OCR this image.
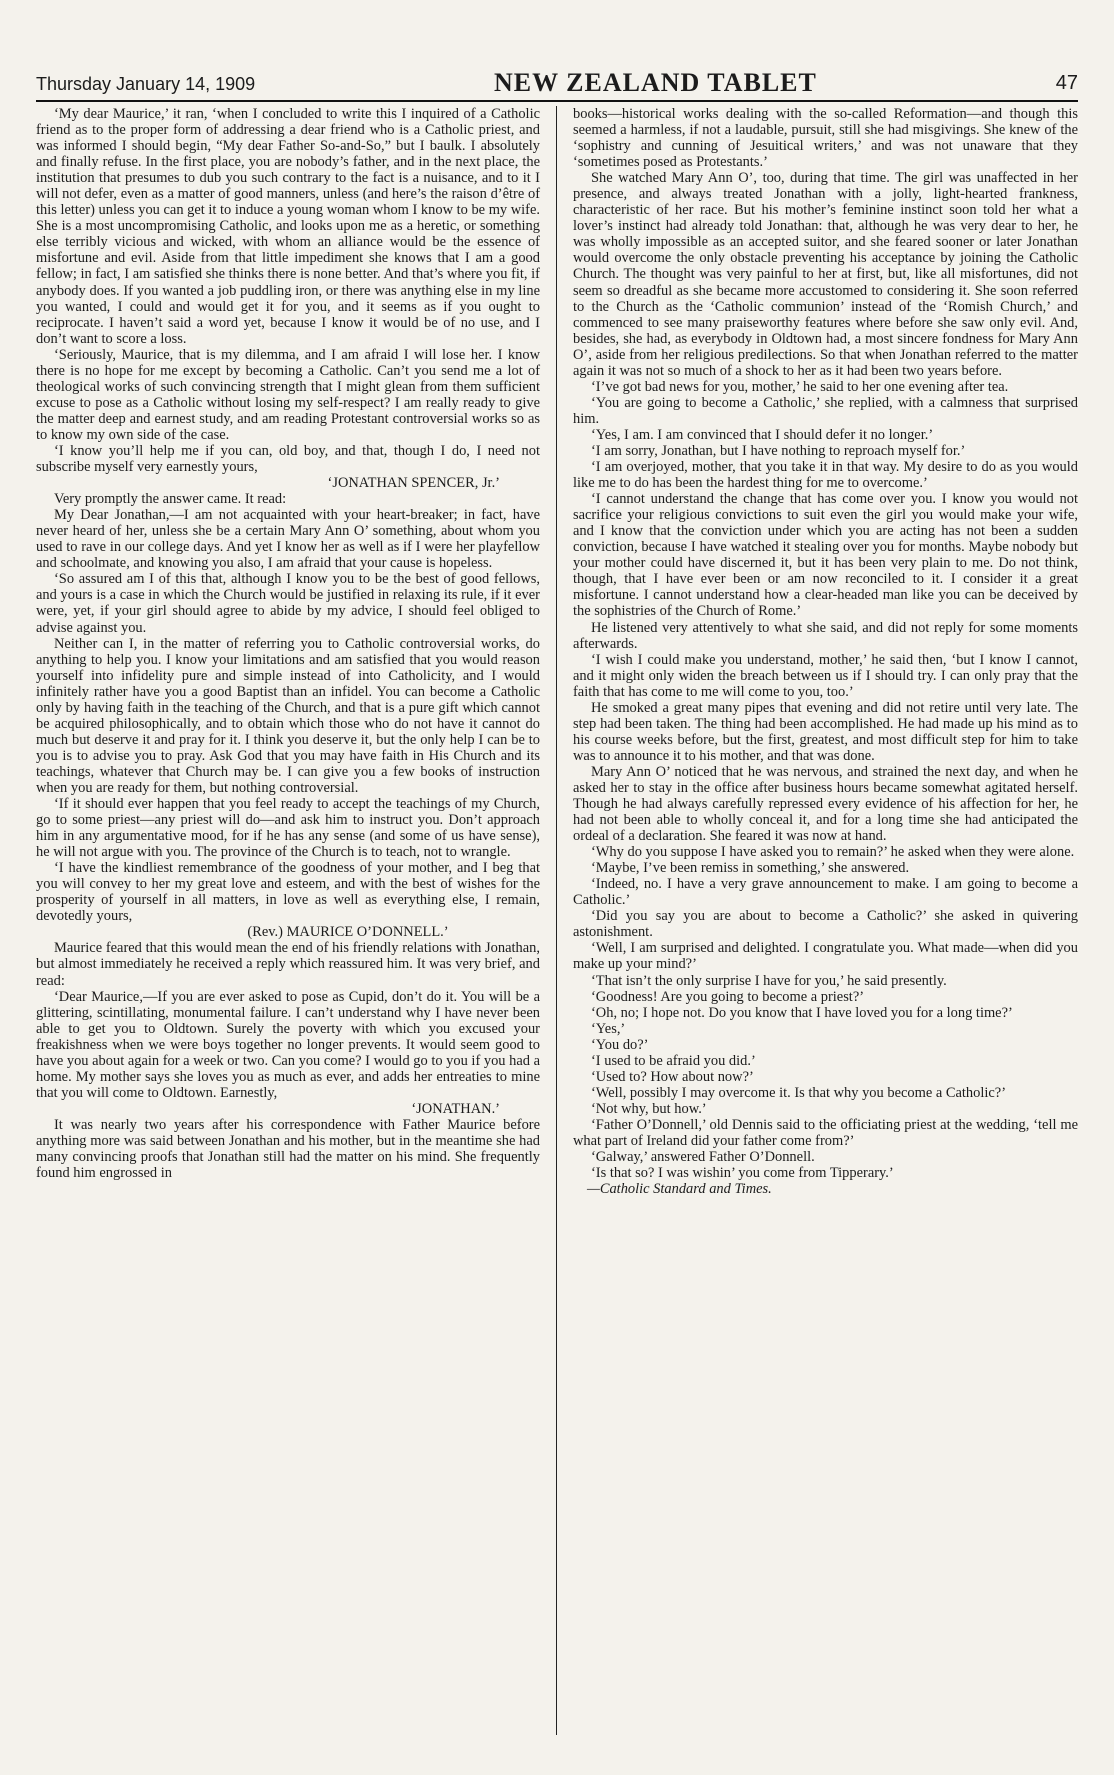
Thursday January 14, 1909	NEW ZEALAND TABLET	47

‘My dear Maurice,’ it ran, ‘when I concluded to write this I inquired of a Catholic friend as to the proper form of addressing a dear friend who is a Catholic priest, and was informed I should begin, “My dear Father So-and-So,” but I baulk. I absolutely and finally refuse. In the first place, you are nobody’s father, and in the next place, the institution that presumes to dub you such contrary to the fact is a nuisance, and to it I will not defer, even as a matter of good manners, unless (and here’s the raison d’être of this letter) unless you can get it to induce a young woman whom I know to be my wife. She is a most uncompromising Catholic, and looks upon me as a heretic, or something else terribly vicious and wicked, with whom an alliance would be the essence of misfortune and evil. Aside from that little impediment she knows that I am a good fellow; in fact, I am satisfied she thinks there is none better. And that’s where you fit, if anybody does. If you wanted a job puddling iron, or there was anything else in my line you wanted, I could and would get it for you, and it seems as if you ought to reciprocate. I haven’t said a word yet, because I know it would be of no use, and I don’t want to score a loss.

‘Seriously, Maurice, that is my dilemma, and I am afraid I will lose her. I know there is no hope for me except by becoming a Catholic. Can’t you send me a lot of theological works of such convincing strength that I might glean from them sufficient excuse to pose as a Catholic without losing my self-respect? I am really ready to give the matter deep and earnest study, and am reading Protestant controversial works so as to know my own side of the case.

‘I know you’ll help me if you can, old boy, and that, though I do, I need not subscribe myself very earnestly yours,

‘JONATHAN SPENCER, Jr.’

Very promptly the answer came. It read:

My Dear Jonathan,—I am not acquainted with your heart-breaker; in fact, have never heard of her, unless she be a certain Mary Ann O’ something, about whom you used to rave in our college days. And yet I know her as well as if I were her playfellow and schoolmate, and knowing you also, I am afraid that your cause is hopeless.

‘So assured am I of this that, although I know you to be the best of good fellows, and yours is a case in which the Church would be justified in relaxing its rule, if it ever were, yet, if your girl should agree to abide by my advice, I should feel obliged to advise against you.

Neither can I, in the matter of referring you to Catholic controversial works, do anything to help you. I know your limitations and am satisfied that you would reason yourself into infidelity pure and simple instead of into Catholicity, and I would infinitely rather have you a good Baptist than an infidel. You can become a Catholic only by having faith in the teaching of the Church, and that is a pure gift which cannot be acquired philosophically, and to obtain which those who do not have it cannot do much but deserve it and pray for it. I think you deserve it, but the only help I can be to you is to advise you to pray. Ask God that you may have faith in His Church and its teachings, whatever that Church may be. I can give you a few books of instruction when you are ready for them, but nothing controversial.

‘If it should ever happen that you feel ready to accept the teachings of my Church, go to some priest—any priest will do—and ask him to instruct you. Don’t approach him in any argumentative mood, for if he has any sense (and some of us have sense), he will not argue with you. The province of the Church is to teach, not to wrangle.

‘I have the kindliest remembrance of the goodness of your mother, and I beg that you will convey to her my great love and esteem, and with the best of wishes for the prosperity of yourself in all matters, in love as well as everything else, I remain, devotedly yours,

(Rev.) MAURICE O’DONNELL.’

Maurice feared that this would mean the end of his friendly relations with Jonathan, but almost immediately he received a reply which reassured him. It was very brief, and read:

‘Dear Maurice,—If you are ever asked to pose as Cupid, don’t do it. You will be a glittering, scintillating, monumental failure. I can’t understand why I have never been able to get you to Oldtown. Surely the poverty with which you excused your freakishness when we were boys together no longer prevents. It would seem good to have you about again for a week or two. Can you come? I would go to you if you had a home. My mother says she loves you as much as ever, and adds her entreaties to mine that you will come to Oldtown. Earnestly,

‘JONATHAN.’

It was nearly two years after his correspondence with Father Maurice before anything more was said between Jonathan and his mother, but in the meantime she had many convincing proofs that Jonathan still had the matter on his mind. She frequently found him engrossed in

books—historical works dealing with the so-called Reformation—and though this seemed a harmless, if not a laudable, pursuit, still she had misgivings. She knew of the ‘sophistry and cunning of Jesuitical writers,’ and was not unaware that they ‘sometimes posed as Protestants.’

She watched Mary Ann O’, too, during that time. The girl was unaffected in her presence, and always treated Jonathan with a jolly, light-hearted frankness, characteristic of her race. But his mother’s feminine instinct soon told her what a lover’s instinct had already told Jonathan: that, although he was very dear to her, he was wholly impossible as an accepted suitor, and she feared sooner or later Jonathan would overcome the only obstacle preventing his acceptance by joining the Catholic Church. The thought was very painful to her at first, but, like all misfortunes, did not seem so dreadful as she became more accustomed to considering it. She soon referred to the Church as the ‘Catholic communion’ instead of the ‘Romish Church,’ and commenced to see many praiseworthy features where before she saw only evil. And, besides, she had, as everybody in Oldtown had, a most sincere fondness for Mary Ann O’, aside from her religious predilections. So that when Jonathan referred to the matter again it was not so much of a shock to her as it had been two years before.

‘I’ve got bad news for you, mother,’ he said to her one evening after tea.

‘You are going to become a Catholic,’ she replied, with a calmness that surprised him.

‘Yes, I am. I am convinced that I should defer it no longer.’

‘I am sorry, Jonathan, but I have nothing to reproach myself for.’

‘I am overjoyed, mother, that you take it in that way. My desire to do as you would like me to do has been the hardest thing for me to overcome.’

‘I cannot understand the change that has come over you. I know you would not sacrifice your religious convictions to suit even the girl you would make your wife, and I know that the conviction under which you are acting has not been a sudden conviction, because I have watched it stealing over you for months. Maybe nobody but your mother could have discerned it, but it has been very plain to me. Do not think, though, that I have ever been or am now reconciled to it. I consider it a great misfortune. I cannot understand how a clear-headed man like you can be deceived by the sophistries of the Church of Rome.’

He listened very attentively to what she said, and did not reply for some moments afterwards.

‘I wish I could make you understand, mother,’ he said then, ‘but I know I cannot, and it might only widen the breach between us if I should try. I can only pray that the faith that has come to me will come to you, too.’

He smoked a great many pipes that evening and did not retire until very late. The step had been taken. The thing had been accomplished. He had made up his mind as to his course weeks before, but the first, greatest, and most difficult step for him to take was to announce it to his mother, and that was done.

Mary Ann O’ noticed that he was nervous, and strained the next day, and when he asked her to stay in the office after business hours became somewhat agitated herself. Though he had always carefully repressed every evidence of his affection for her, he had not been able to wholly conceal it, and for a long time she had anticipated the ordeal of a declaration. She feared it was now at hand.

‘Why do you suppose I have asked you to remain?’ he asked when they were alone.

‘Maybe, I’ve been remiss in something,’ she answered.

‘Indeed, no. I have a very grave announcement to make. I am going to become a Catholic.’

‘Did you say you are about to become a Catholic?’ she asked in quivering astonishment.

‘Well, I am surprised and delighted. I congratulate you. What made—when did you make up your mind?’

‘That isn’t the only surprise I have for you,’ he said presently.

‘Goodness! Are you going to become a priest?’

‘Oh, no; I hope not. Do you know that I have loved you for a long time?’

‘Yes,’

‘You do?’

‘I used to be afraid you did.’

‘Used to? How about now?’

‘Well, possibly I may overcome it. Is that why you become a Catholic?’

‘Not why, but how.’

‘Father O’Donnell,’ old Dennis said to the officiating priest at the wedding, ‘tell me what part of Ireland did your father come from?’

‘Galway,’ answered Father O’Donnell.

‘Is that so? I was wishin’ you come from Tipperary.’

—Catholic Standard and Times.
